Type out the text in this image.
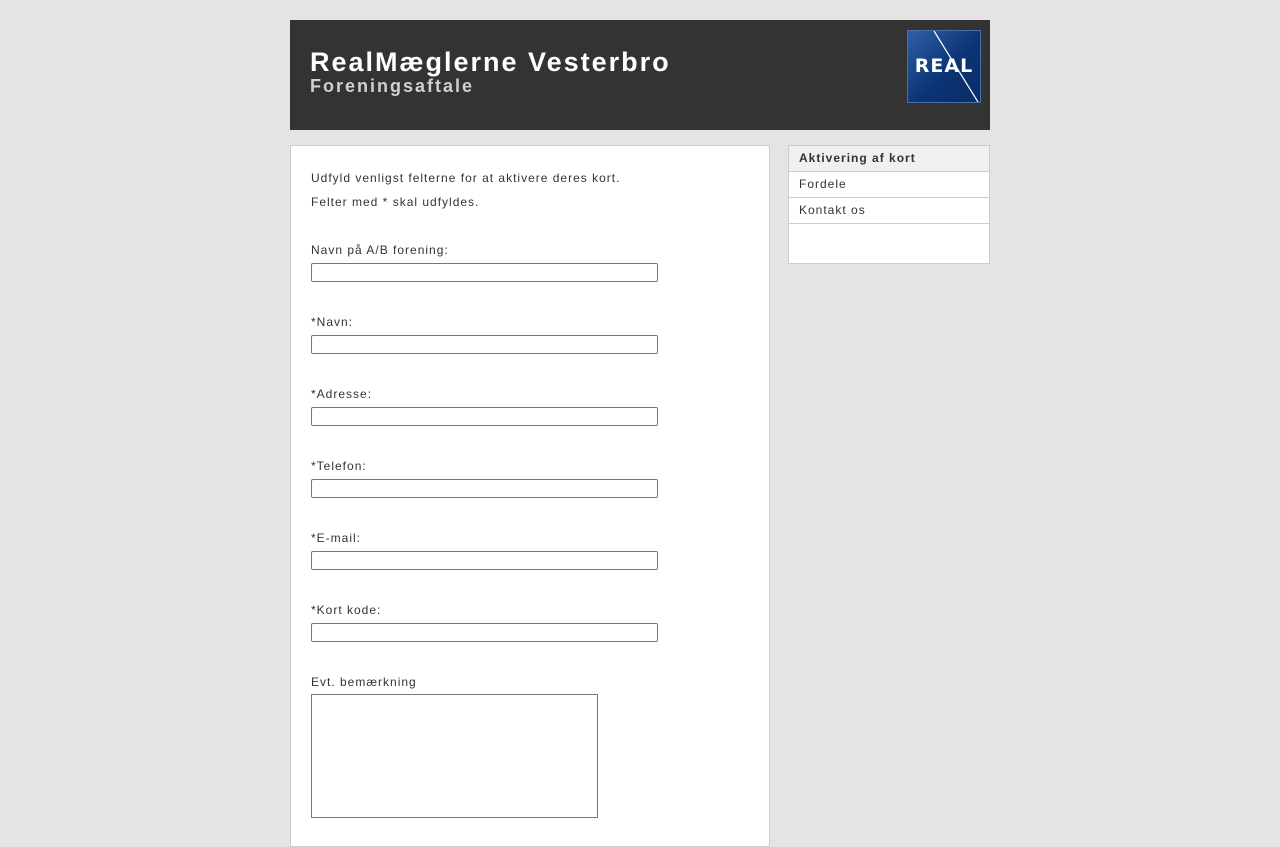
RealMæglerne Vesterbro
Foreningsaftale
REAL

Udfyld venligst felterne for at aktivere deres kort.

Felter med * skal udfyldes.

Navn på A/B forening:
*Navn:
*Adresse:
*Telefon:
*E-mail:
*Kort kode:
Evt. bemærkning
Aktivering af kort
Fordele
Kontakt os
